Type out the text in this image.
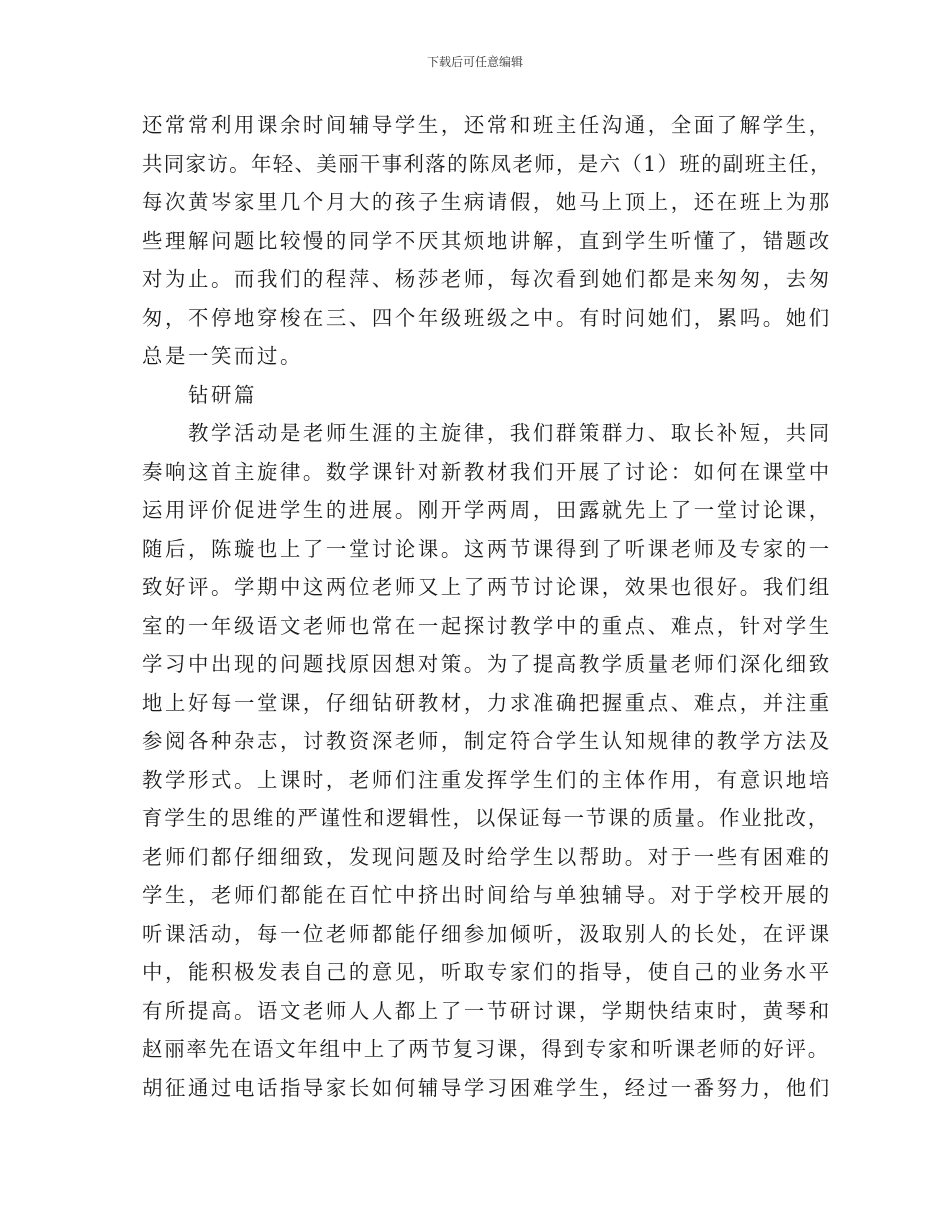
下载后可任意编辑
还常常利用课余时间辅导学生，还常和班主任沟通，全面了解学生，
共同家访。年轻、美丽干事利落的陈凤老师，是六（1）班的副班主任，
每次黄岑家里几个月大的孩子生病请假，她马上顶上，还在班上为那
些理解问题比较慢的同学不厌其烦地讲解，直到学生听懂了，错题改
对为止。而我们的程萍、杨莎老师，每次看到她们都是来匆匆，去匆
匆，不停地穿梭在三、四个年级班级之中。有时问她们，累吗。她们
总是一笑而过。
钻研篇
教学活动是老师生涯的主旋律，我们群策群力、取长补短，共同
奏响这首主旋律。数学课针对新教材我们开展了讨论：如何在课堂中
运用评价促进学生的进展。刚开学两周，田露就先上了一堂讨论课，
随后，陈璇也上了一堂讨论课。这两节课得到了听课老师及专家的一
致好评。学期中这两位老师又上了两节讨论课，效果也很好。我们组
室的一年级语文老师也常在一起探讨教学中的重点、难点，针对学生
学习中出现的问题找原因想对策。为了提高教学质量老师们深化细致
地上好每一堂课，仔细钻研教材，力求准确把握重点、难点，并注重
参阅各种杂志，讨教资深老师，制定符合学生认知规律的教学方法及
教学形式。上课时，老师们注重发挥学生们的主体作用，有意识地培
育学生的思维的严谨性和逻辑性，以保证每一节课的质量。作业批改，
老师们都仔细细致，发现问题及时给学生以帮助。对于一些有困难的
学生，老师们都能在百忙中挤出时间给与单独辅导。对于学校开展的
听课活动，每一位老师都能仔细参加倾听，汲取别人的长处，在评课
中，能积极发表自己的意见，听取专家们的指导，使自己的业务水平
有所提高。语文老师人人都上了一节研讨课，学期快结束时，黄琴和
赵丽率先在语文年组中上了两节复习课，得到专家和听课老师的好评。
胡征通过电话指导家长如何辅导学习困难学生，经过一番努力，他们
